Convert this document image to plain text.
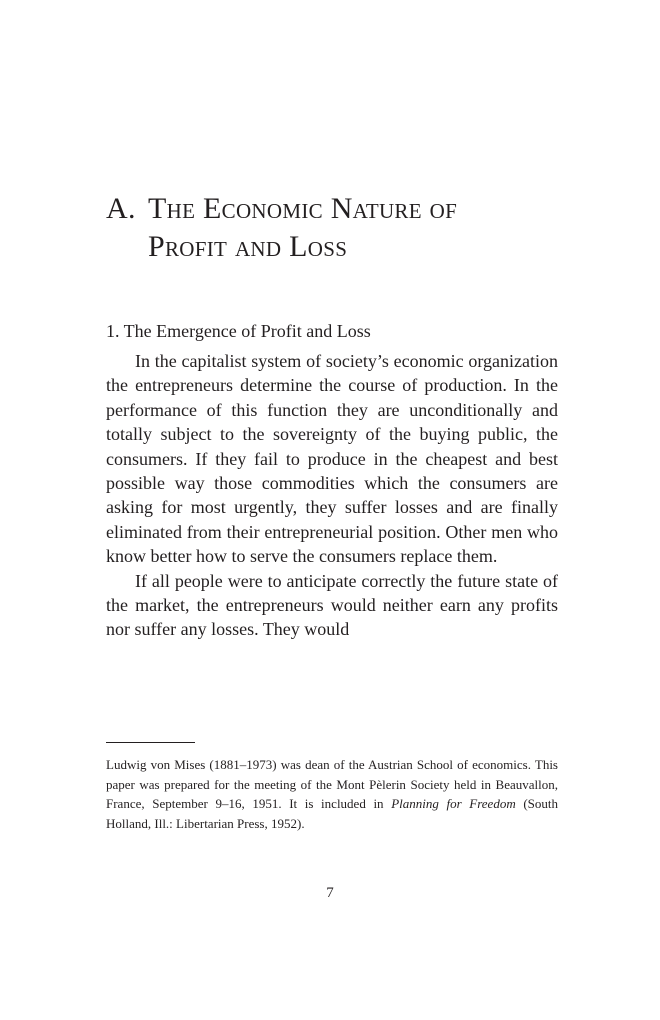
A. The Economic Nature of
Profit and Loss
1. The Emergence of Profit and Loss

In the capitalist system of society’s economic organization the entrepreneurs determine the course of production. In the performance of this function they are unconditionally and totally subject to the sovereignty of the buying public, the consumers. If they fail to produce in the cheapest and best possible way those commodities which the consumers are asking for most urgently, they suffer losses and are finally eliminated from their entrepreneurial position. Other men who know better how to serve the consumers replace them.

If all people were to anticipate correctly the future state of the market, the entrepreneurs would neither earn any profits nor suffer any losses. They would

Ludwig von Mises (1881–1973) was dean of the Austrian School of economics. This paper was prepared for the meeting of the Mont Pèlerin Society held in Beauvallon, France, September 9–16, 1951. It is included in Planning for Freedom (South Holland, Ill.: Libertarian Press, 1952).
7
